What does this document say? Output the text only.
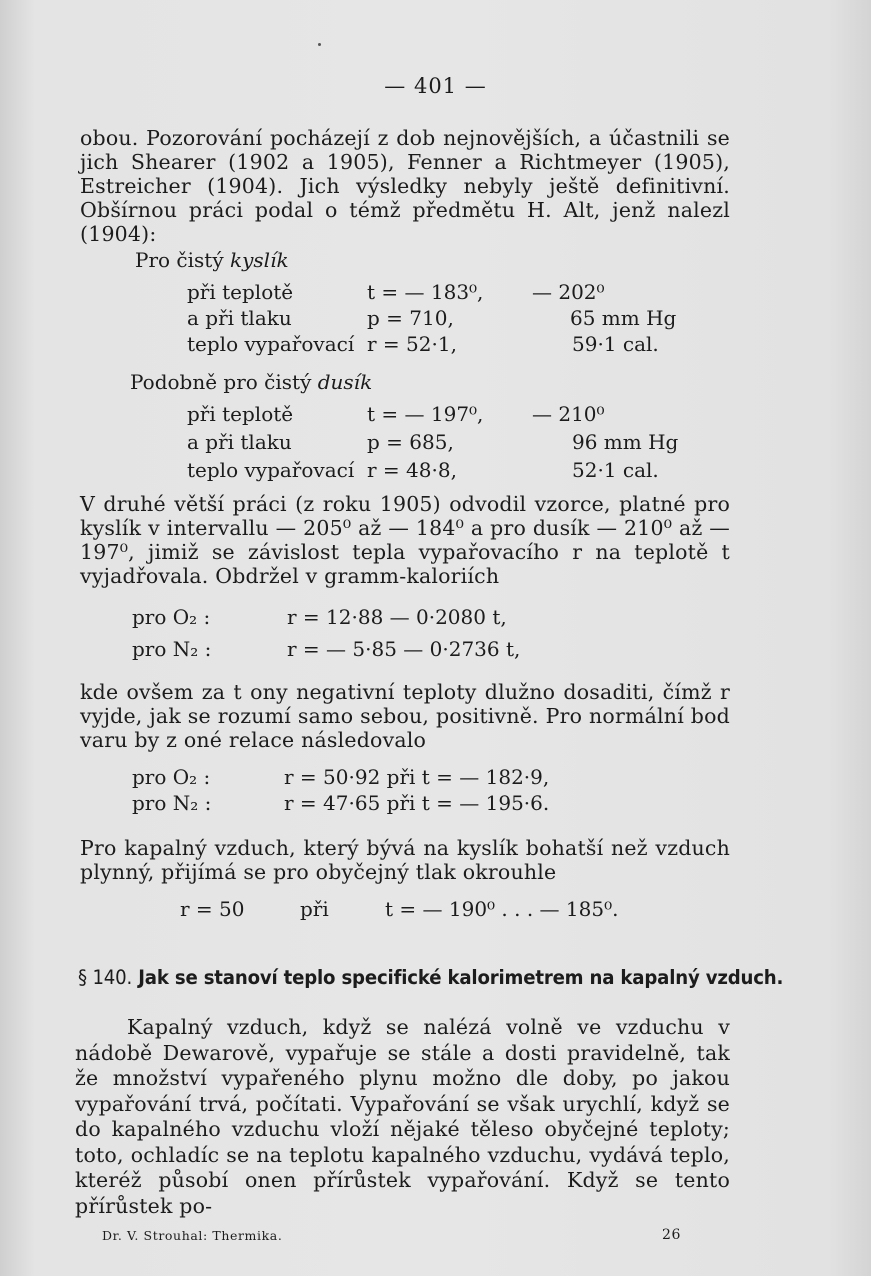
— 401 —
obou. Pozorování pocházejí z dob nejnovějších, a účastnili se jich Shearer (1902 a 1905), Fenner a Richtmeyer (1905), Estreicher (1904). Jich výsledky nebyly ještě definitivní. Obšírnou práci podal o témž předmětu H. Alt, jenž nalezl (1904):
Pro čistý kyslík
při teplotě	t = — 183⁰, — 202⁰
a při tlaku	p = 710,	65 mm Hg
teplo vypařovací r = 52·1,	59·1 cal.
Podobně pro čistý dusík
při teplotě	t = — 197⁰, — 210⁰
a při tlaku	p = 685,	96 mm Hg
teplo vypařovací r = 48·8,	52·1 cal.
V druhé větší práci (z roku 1905) odvodil vzorce, platné pro kyslík v intervallu — 205⁰ až — 184⁰ a pro dusík — 210⁰ až — 197⁰, jimiž se závislost tepla vypařovacího r na teplotě t vyjadřovala. Obdržel v gramm-kaloriích
pro O₂ :	r = 12·88 — 0·2080 t,
pro N₂ :	r = — 5·85 — 0·2736 t,
kde ovšem za t ony negativní teploty dlužno dosaditi, čímž r vyjde, jak se rozumí samo sebou, positivně. Pro normální bod varu by z oné relace následovalo
pro O₂ :	r = 50·92 při t = — 182·9,
pro N₂ :	r = 47·65 při t = — 195·6.
Pro kapalný vzduch, který bývá na kyslík bohatší než vzduch plynný, přijímá se pro obyčejný tlak okrouhle
r = 50	při	t = — 190⁰ . . . — 185⁰.
§ 140. Jak se stanoví teplo specifické kalorimetrem na kapalný vzduch.
Kapalný vzduch, když se nalézá volně ve vzduchu v nádobě Dewarově, vypařuje se stále a dosti pravidelně, tak že množství vypařeného plynu možno dle doby, po jakou vypařování trvá, počítati. Vypařování se však urychlí, když se do kapalného vzduchu vloží nějaké těleso obyčejné teploty; toto, ochladíc se na teplotu kapalného vzduchu, vydává teplo, kteréž působí onen přírůstek vypařování. Když se tento přírůstek po-
Dr. V. Strouhal: Thermika.	26
